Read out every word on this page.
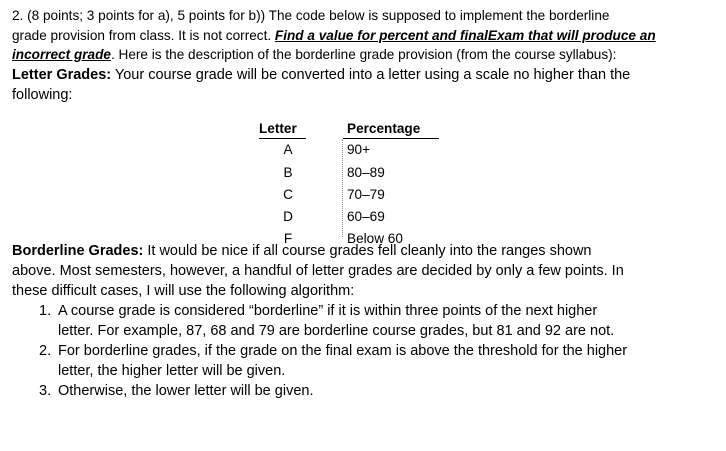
2. (8 points; 3 points for a), 5 points for b)) The code below is supposed to implement the borderline
grade provision from class. It is not correct. Find a value for percent and finalExam that will produce an
incorrect grade. Here is the description of the borderline grade provision (from the course syllabus):
Letter Grades: Your course grade will be converted into a letter using a scale no higher than the
following:
Letter	Percentage
A	90+
B	80–89
C	70–79
D	60–69
F	Below 60
Borderline Grades: It would be nice if all course grades fell cleanly into the ranges shown
above. Most semesters, however, a handful of letter grades are decided by only a few points. In
these difficult cases, I will use the following algorithm:
1. A course grade is considered “borderline” if it is within three points of the next higher
letter. For example, 87, 68 and 79 are borderline course grades, but 81 and 92 are not.
2. For borderline grades, if the grade on the final exam is above the threshold for the higher
letter, the higher letter will be given.
3. Otherwise, the lower letter will be given.
